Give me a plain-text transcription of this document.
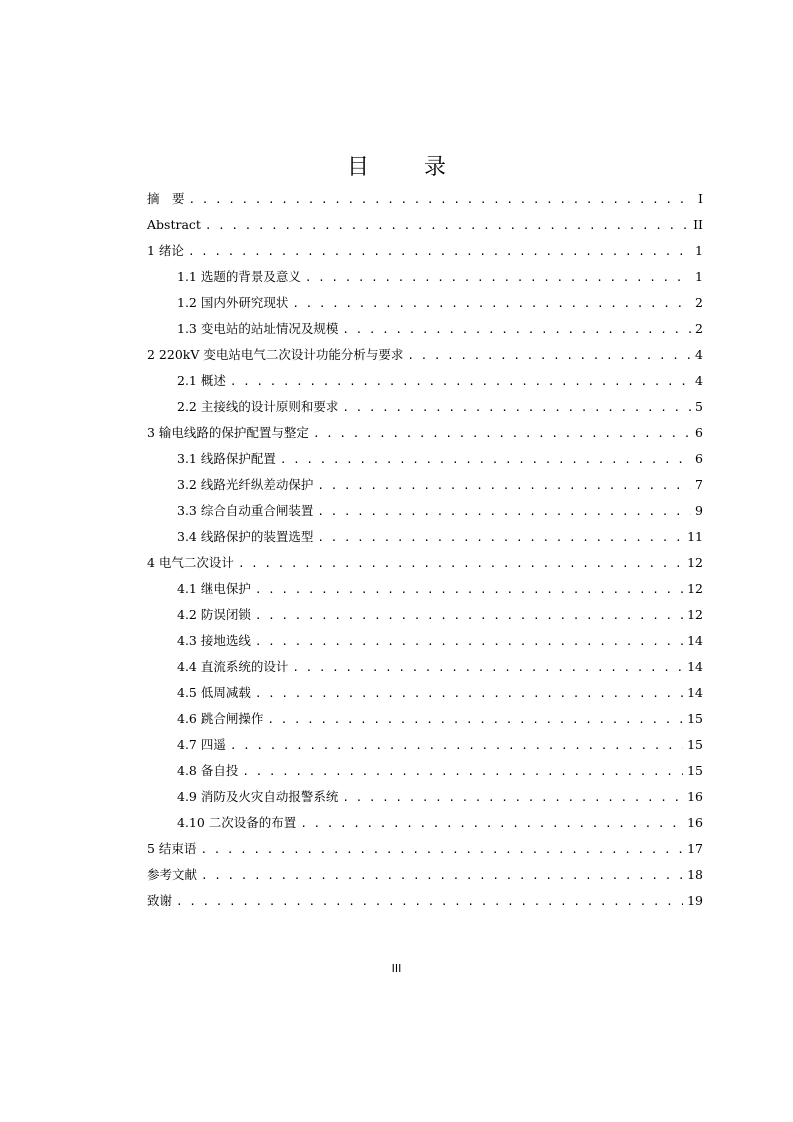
目 录
摘　要 . . .	I
Abstract . . .	II
1 绪论 . . .	1
1.1 选题的背景及意义 . . .	1
1.2 国内外研究现状 . . .	2
1.3 变电站的站址情况及规模 . . .	2
2 220kV 变电站电气二次设计功能分析与要求 . . .	4
2.1 概述 . . .	4
2.2 主接线的设计原则和要求 . . .	5
3 输电线路的保护配置与整定 . . .	6
3.1 线路保护配置 . . .	6
3.2 线路光纤纵差动保护 . . .	7
3.3 综合自动重合闸装置 . . .	9
3.4 线路保护的装置选型 . . .	11
4 电气二次设计 . . .	12
4.1 继电保护 . . .	12
4.2 防误闭锁 . . .	12
4.3 接地选线 . . .	14
4.4 直流系统的设计 . . .	14
4.5 低周减载 . . .	14
4.6 跳合闸操作 . . .	15
4.7 四遥 . . .	15
4.8 备自投 . . .	15
4.9 消防及火灾自动报警系统 . . .	16
4.10 二次设备的布置 . . .	16
5 结束语 . . .	17
参考文献 . . .	18
致谢 . . .	19
III
